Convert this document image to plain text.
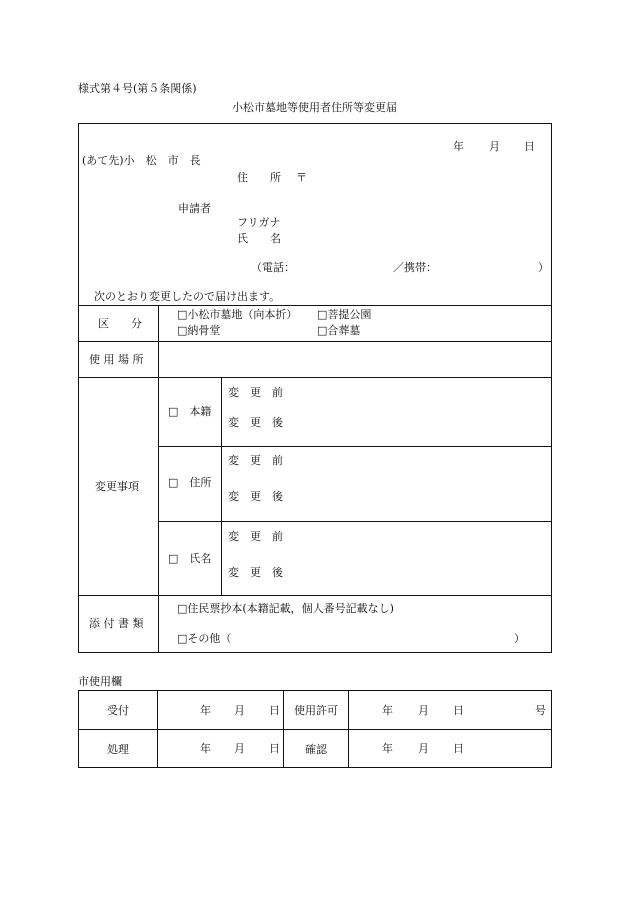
様式第４号(第５条関係)
小松市墓地等使用者住所等変更届
年 月 日
(あて先)小　松　市　長
住　　所 〒
申請者
フリガナ
氏　　名
（電話：	／携帯：	）
次のとおり変更したので届け出ます。
区　　分
□小松市墓地（向本折） □菩提公園
□納骨堂	□合葬墓
使 用 場 所
変更事項
□　本籍
変　更　前
変　更　後
□　住所
変　更　前
変　更　後
□　氏名
変　更　前
変　更　後
添 付 書 類
□住民票抄本(本籍記載，個人番号記載なし)
□その他（	）
市使用欄
受付	年 月 日	使用許可	年 月 日 号

処理	年 月 日	確認	年 月 日
